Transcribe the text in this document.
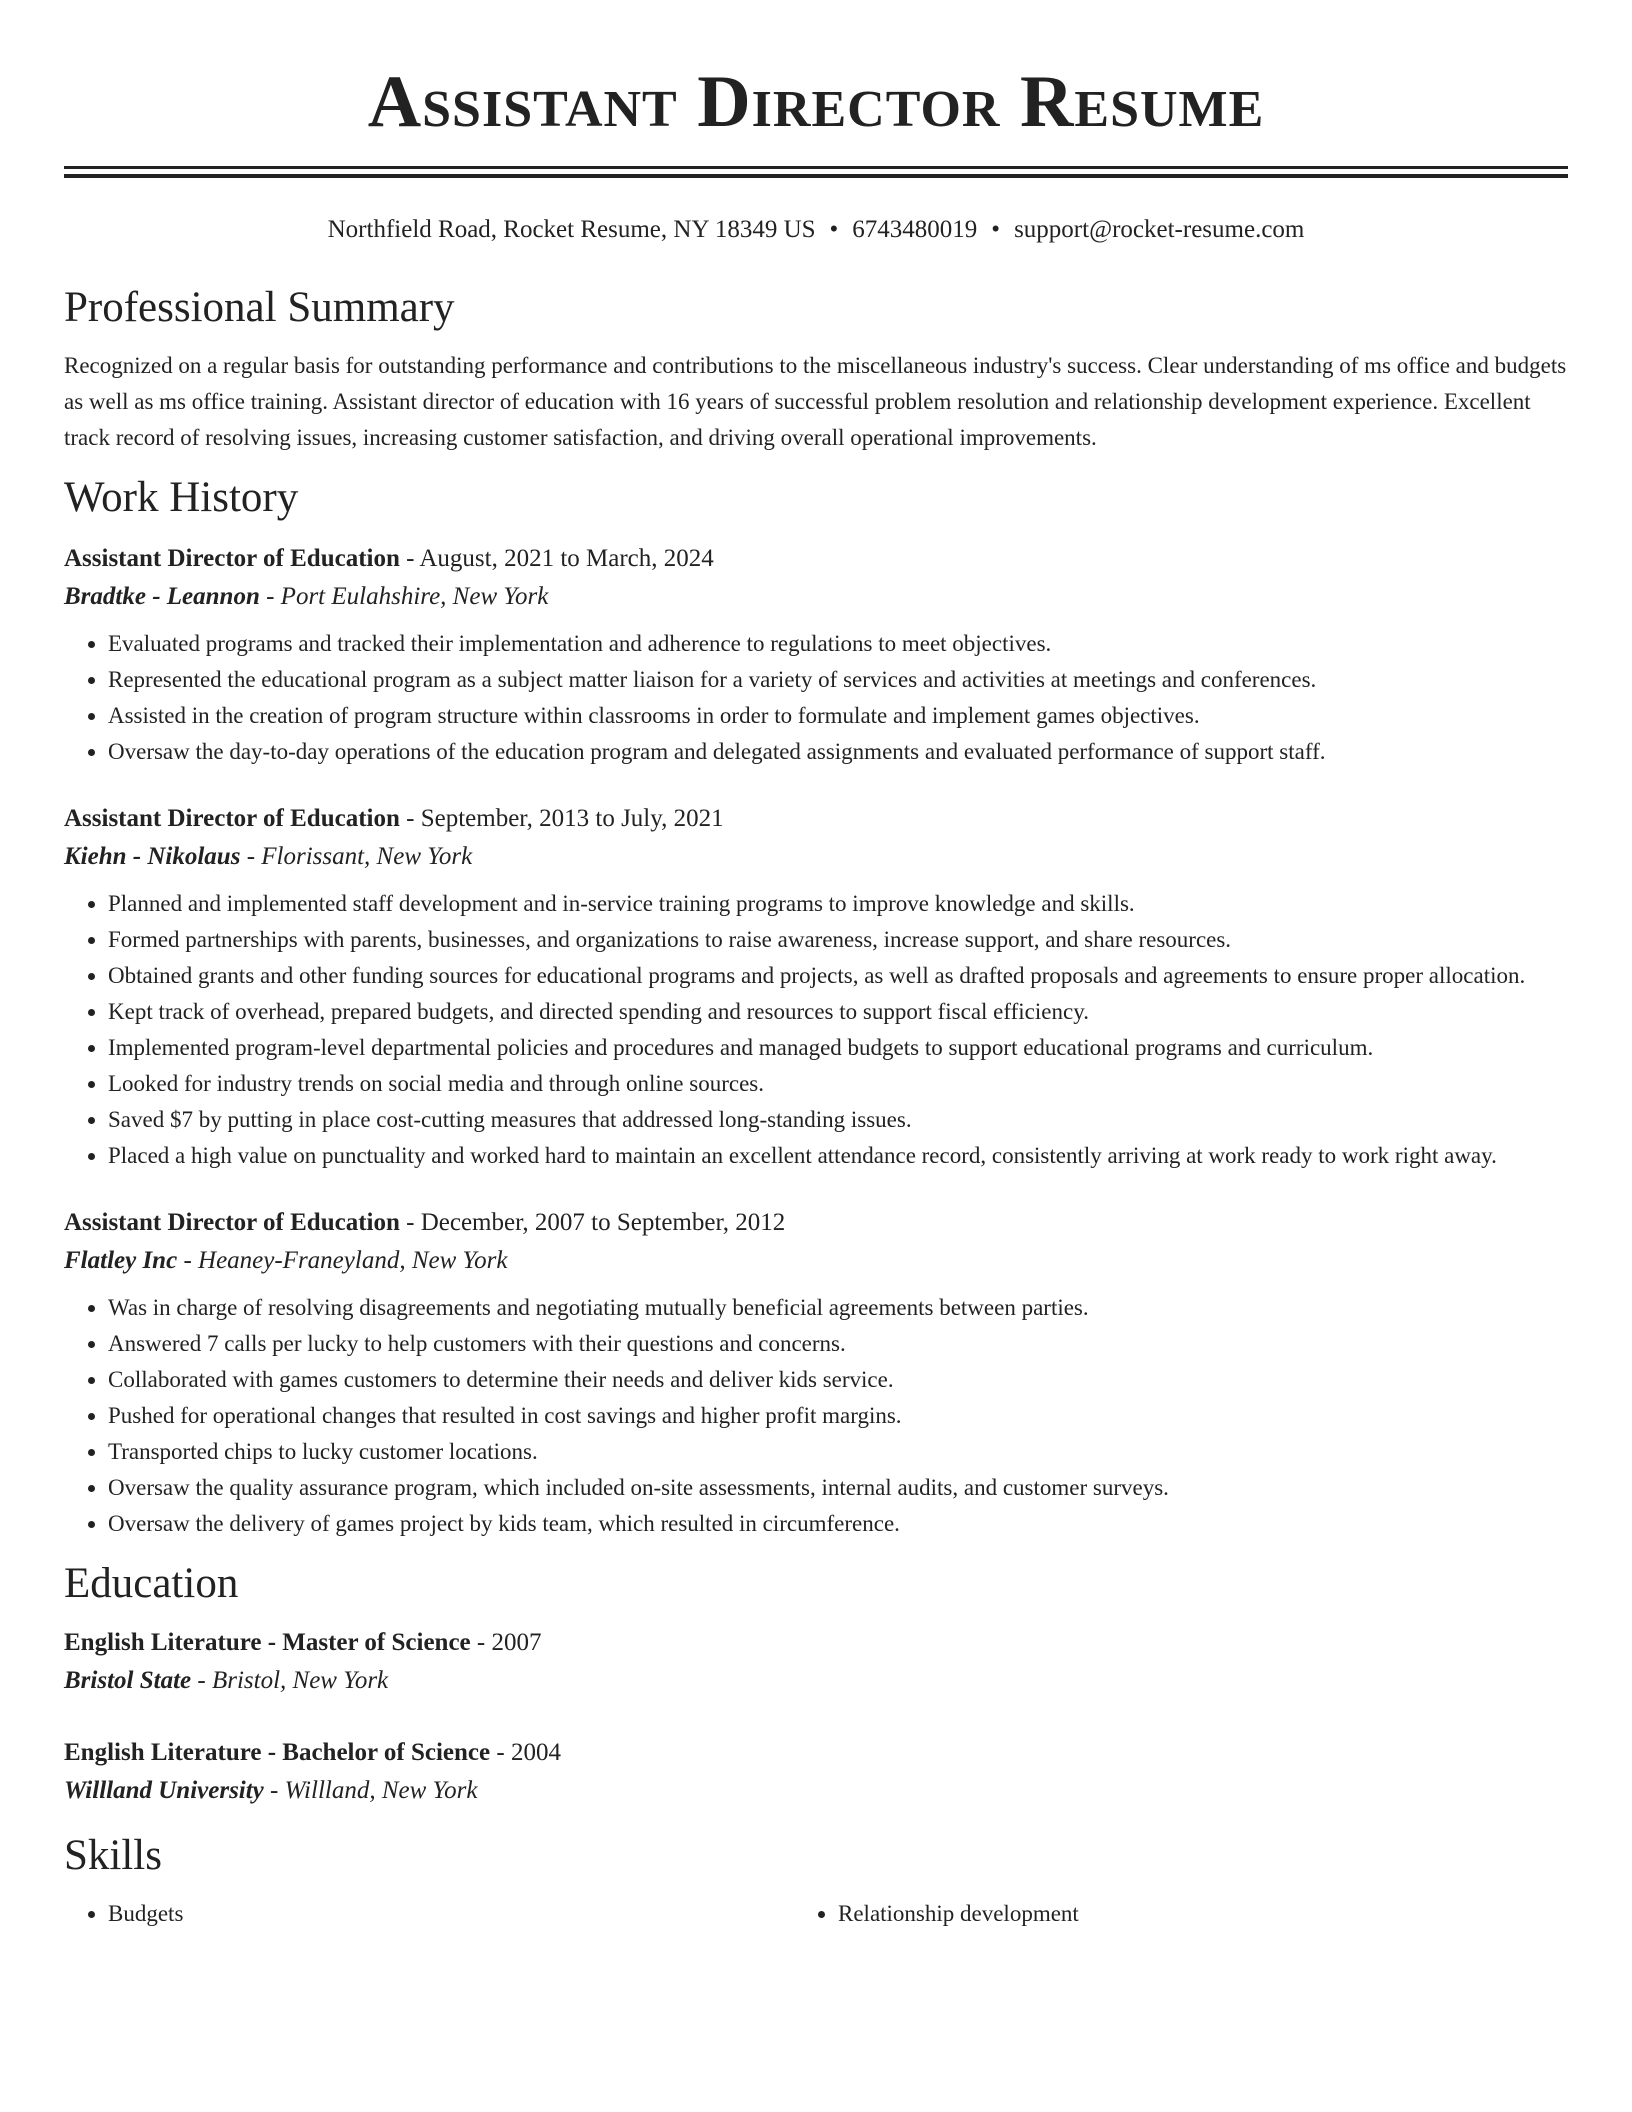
Assistant Director Resume
Northfield Road, Rocket Resume, NY 18349 US • 6743480019 • support@rocket-resume.com
Professional Summary

Recognized on a regular basis for outstanding performance and contributions to the miscellaneous industry's success. Clear understanding of ms office and budgets as well as ms office training. Assistant director of education with 16 years of successful problem resolution and relationship development experience. Excellent track record of resolving issues, increasing customer satisfaction, and driving overall operational improvements.

Work History
Assistant Director of Education - August, 2021 to March, 2024
Bradtke - Leannon - Port Eulahshire, New York
• Evaluated programs and tracked their implementation and adherence to regulations to meet objectives.
• Represented the educational program as a subject matter liaison for a variety of services and activities at meetings and conferences.
• Assisted in the creation of program structure within classrooms in order to formulate and implement games objectives.
• Oversaw the day-to-day operations of the education program and delegated assignments and evaluated performance of support staff.
Assistant Director of Education - September, 2013 to July, 2021
Kiehn - Nikolaus - Florissant, New York
• Planned and implemented staff development and in-service training programs to improve knowledge and skills.
• Formed partnerships with parents, businesses, and organizations to raise awareness, increase support, and share resources.
• Obtained grants and other funding sources for educational programs and projects, as well as drafted proposals and agreements to ensure proper allocation.
• Kept track of overhead, prepared budgets, and directed spending and resources to support fiscal efficiency.
• Implemented program-level departmental policies and procedures and managed budgets to support educational programs and curriculum.
• Looked for industry trends on social media and through online sources.
• Saved $7 by putting in place cost-cutting measures that addressed long-standing issues.
• Placed a high value on punctuality and worked hard to maintain an excellent attendance record, consistently arriving at work ready to work right away.
Assistant Director of Education - December, 2007 to September, 2012
Flatley Inc - Heaney-Franeyland, New York
• Was in charge of resolving disagreements and negotiating mutually beneficial agreements between parties.
• Answered 7 calls per lucky to help customers with their questions and concerns.
• Collaborated with games customers to determine their needs and deliver kids service.
• Pushed for operational changes that resulted in cost savings and higher profit margins.
• Transported chips to lucky customer locations.
• Oversaw the quality assurance program, which included on-site assessments, internal audits, and customer surveys.
• Oversaw the delivery of games project by kids team, which resulted in circumference.
Education
English Literature - Master of Science - 2007
Bristol State - Bristol, New York
English Literature - Bachelor of Science - 2004
Willland University - Willland, New York
Skills
• Budgets
•	Relationship development
